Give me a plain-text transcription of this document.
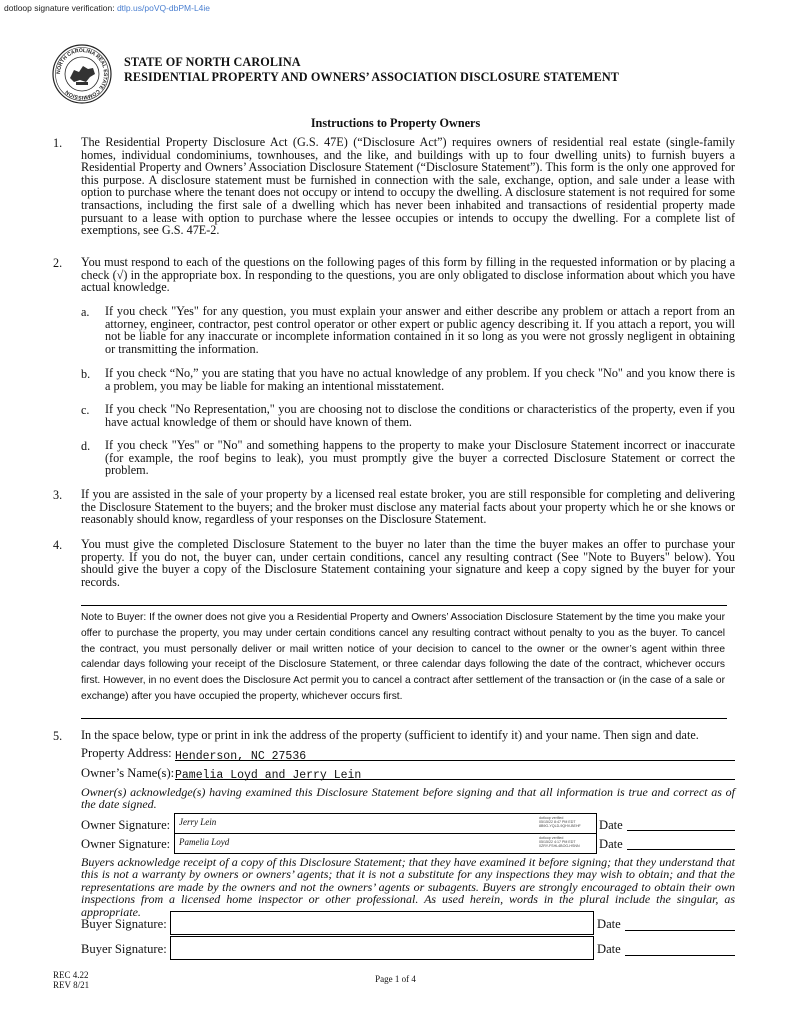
dotloop signature verification: dtlp.us/poVQ-dbPM-L4ie
NORTH CAROLINA REAL ESTATE COMMISSION
STATE OF NORTH CAROLINA
RESIDENTIAL PROPERTY AND OWNERS’ ASSOCIATION DISCLOSURE STATEMENT
Instructions to Property Owners
1. The Residential Property Disclosure Act (G.S. 47E) (“Disclosure Act”) requires owners of residential real estate (single-family homes, individual condominiums, townhouses, and the like, and buildings with up to four dwelling units) to furnish buyers a Residential Property and Owners’ Association Disclosure Statement (“Disclosure Statement”). This form is the only one approved for this purpose. A disclosure statement must be furnished in connection with the sale, exchange, option, and sale under a lease with option to purchase where the tenant does not occupy or intend to occupy the dwelling. A disclosure statement is not required for some transactions, including the first sale of a dwelling which has never been inhabited and transactions of residential property made pursuant to a lease with option to purchase where the lessee occupies or intends to occupy the dwelling. For a complete list of exemptions, see G.S. 47E-2.
2. You must respond to each of the questions on the following pages of this form by filling in the requested information or by placing a check (√) in the appropriate box. In responding to the questions, you are only obligated to disclose information about which you have actual knowledge.
a. If you check "Yes" for any question, you must explain your answer and either describe any problem or attach a report from an attorney, engineer, contractor, pest control operator or other expert or public agency describing it. If you attach a report, you will not be liable for any inaccurate or incomplete information contained in it so long as you were not grossly negligent in obtaining or transmitting the information.
b. If you check “No,” you are stating that you have no actual knowledge of any problem. If you check "No" and you know there is a problem, you may be liable for making an intentional misstatement.
c. If you check "No Representation," you are choosing not to disclose the conditions or characteristics of the property, even if you have actual knowledge of them or should have known of them.
d. If you check "Yes" or "No" and something happens to the property to make your Disclosure Statement incorrect or inaccurate (for example, the roof begins to leak), you must promptly give the buyer a corrected Disclosure Statement or correct the problem.
3. If you are assisted in the sale of your property by a licensed real estate broker, you are still responsible for completing and delivering the Disclosure Statement to the buyers; and the broker must disclose any material facts about your property which he or she knows or reasonably should know, regardless of your responses on the Disclosure Statement.
4. You must give the completed Disclosure Statement to the buyer no later than the time the buyer makes an offer to purchase your property. If you do not, the buyer can, under certain conditions, cancel any resulting contract (See "Note to Buyers" below). You should give the buyer a copy of the Disclosure Statement containing your signature and keep a copy signed by the buyer for your records.
Note to Buyer: If the owner does not give you a Residential Property and Owners’ Association Disclosure Statement by the time you make your offer to purchase the property, you may under certain conditions cancel any resulting contract without penalty to you as the buyer. To cancel the contract, you must personally deliver or mail written notice of your decision to cancel to the owner or the owner’s agent within three calendar days following your receipt of the Disclosure Statement, or three calendar days following the date of the contract, whichever occurs first. However, in no event does the Disclosure Act permit you to cancel a contract after settlement of the transaction or (in the case of a sale or exchange) after you have occupied the property, whichever occurs first.
5. In the space below, type or print in ink the address of the property (sufficient to identify it) and your name. Then sign and date.
Property Address: Henderson, NC 27536
Owner’s Name(s): Pamelia Loyd and Jerry Lein
Owner(s) acknowledge(s) having examined this Disclosure Statement before signing and that all information is true and correct as of the date signed.
Owner Signature: Jerry Lein	dotloop verified
05/15/22 8:47 PM EDT
8B9G-YQLD-9QHV-BEHF Date
Owner Signature: Pamelia Loyd	dotloop verified
05/15/22 4:17 PM EDT
0ZRY-FSHL4BOG-HSNN Date
Buyers acknowledge receipt of a copy of this Disclosure Statement; that they have examined it before signing; that they understand that this is not a warranty by owners or owners’ agents; that it is not a substitute for any inspections they may wish to obtain; and that the representations are made by the owners and not the owners’ agents or subagents. Buyers are strongly encouraged to obtain their own inspections from a licensed home inspector or other professional. As used herein, words in the plural include the singular, as appropriate.
Buyer Signature:	Date
Buyer Signature:	Date
REC 4.22
REV 8/21
Page 1 of 4
